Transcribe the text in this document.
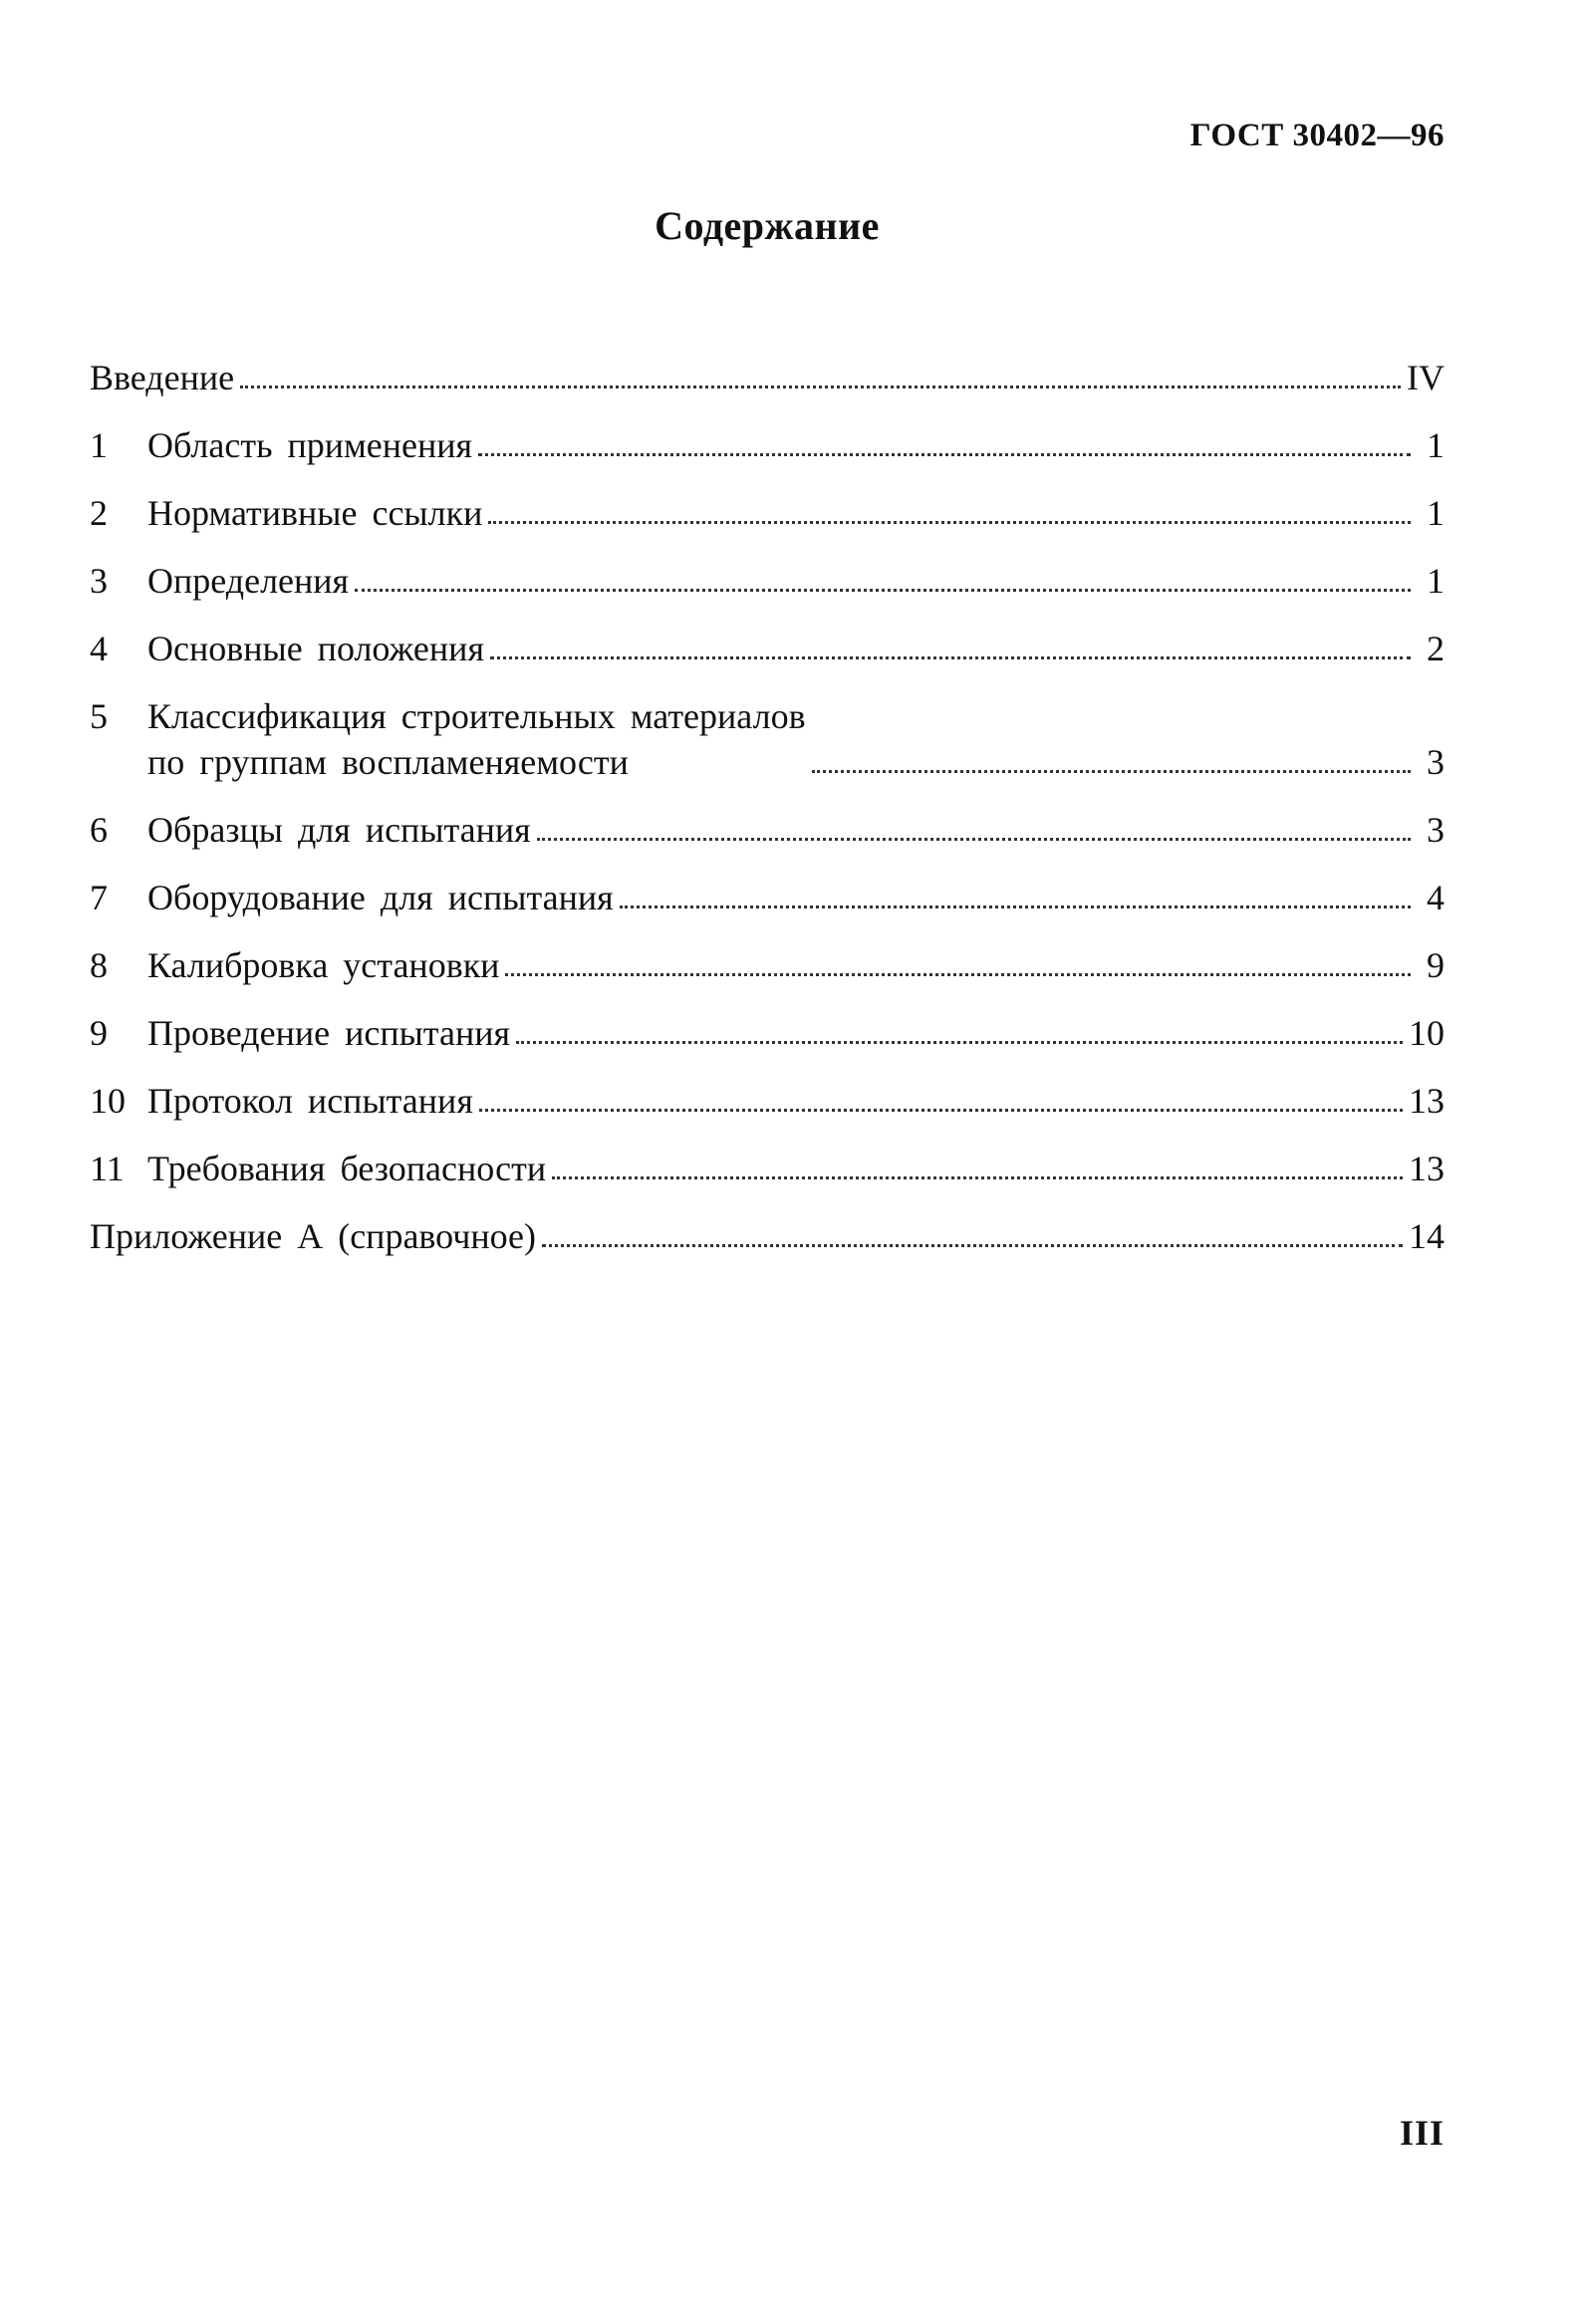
ГОСТ 30402—96
Содержание
Введение	IV
1	Область применения	1
2	Нормативные ссылки	1
3	Определения	1
4	Основные положения	2
5	Классификация строительных материалов
по группам воспламеняемости	3
6	Образцы для испытания	3
7	Оборудование для испытания	4
8	Калибровка установки	9
9	Проведение испытания	10
10 Протокол испытания	13
11 Требования безопасности	13
Приложение А (справочное)	14
III
